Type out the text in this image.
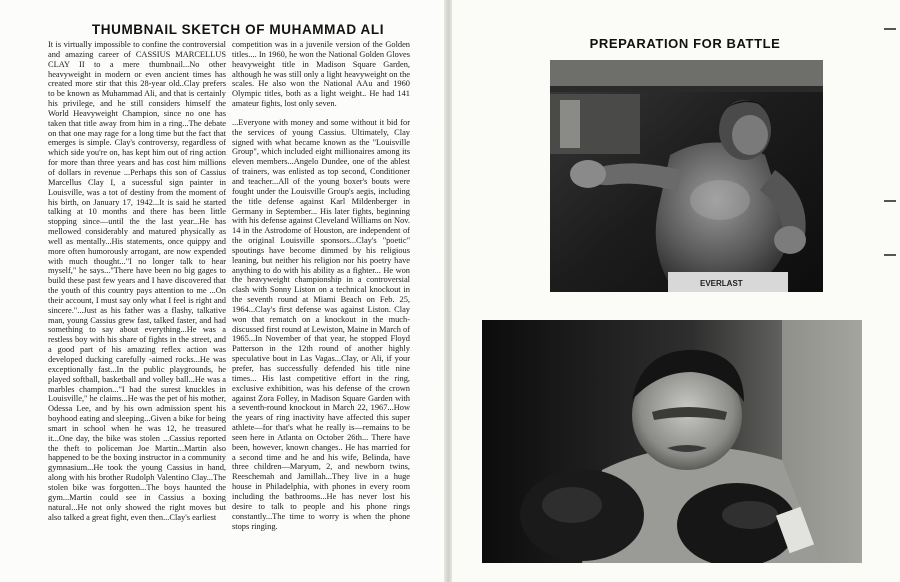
THUMBNAIL SKETCH OF MUHAMMAD ALI

It is virtually impossible to confine the controversial and amazing career of CASSIUS MARCELLUS CLAY II to a mere thumbnail...No other heavyweight in modern or even ancient times has created more stir that this 28-year old..Clay prefers to be known as Muhammad Ali, and that is certainly his privilege, and he still considers himself the World Heavyweight Champion, since no one has taken that title away from him in a ring...The debate on that one may rage for a long time but the fact that emerges is simple. Clay's controversy, regardless of which side you're on, has kept him out of ring action for more than three years and has cost him millions of dollars in revenue ...Perhaps this son of Cassius Marcellus Clay I, a sucessful sign painter in Louisville, was a tot of destiny from the moment of his birth, on January 17, 1942...It is said he started talking at 10 months and there has been little stopping since—until the the last year...He has mellowed considerably and matured physically as well as mentally...His statements, once quippy and more often humorously arrogant, are now expended with much thought..."I no longer talk to hear myself," he says..."There have been no big gages to build these past few years and I have discovered that the youth of this country pays attention to me ...On their account, I must say only what I feel is right and sincere."...Just as his father was a flashy, talkative man, young Cassius grew fast, talked faster, and had something to say about everything...He was a restless boy with his share of fights in the street, and a good part of his amazing reflex action was developed ducking carefully -aimed rocks...He was exceptionally fast...In the public playgrounds, he played softball, basketball and volley ball...He was a marbles champion..."I had the surest knuckles in Louisville," he claims...He was the pet of his mother, Odessa Lee, and by his own admission spent his boyhood eating and sleeping...Given a bike for being smart in school when he was 12, he treasured it...One day, the bike was stolen ...Cassius reported the theft to policeman Joe Martin...Martin also happened to be the boxing instructor in a community gymnasium...He took the young Cassius in hand, along with his brother Rudolph Valentino Clay...The stolen bike was forgotten...The boys haunted the gym...Martin could see in Cassius a boxing natural...He not only showed the right moves but also talked a great fight, even then...Clay's earliest

competition was in a juvenile version of the Golden titles.... In 1960, he won the National Golden Gloves heavyweight title in Madison Square Garden, although he was still only a light heavyweight on the scales. He also won the National AAu and 1960 Olympic titles, both as a light weight.. He had 141 amateur fights, lost only seven.

...Everyone with money and some without it bid for the services of young Cassius. Ultimately, Clay signed with what became known as the "Louisville Group", which included eight millionaires among its eleven members...Angelo Dundee, one of the ablest of trainers, was enlisted as top second, Conditioner and teacher...All of the young boxer's bouts were fought under the Louisville Group's aegis, including the title defense against Karl Mildenberger in Germany in September... His later fights, beginning with his defense against Cleveland Williams on Nov. 14 in the Astrodome of Houston, are independent of the original Louisville sponsors...Clay's "poetic" spoutings have become dimmed by his religious leaning, but neither his religion nor his poetry have anything to do with his ability as a fighter... He won the heavyweight championship in a controversial clash with Sonny Liston on a technical knockout in the seventh round at Miami Beach on Feb. 25, 1964...Clay's first defense was against Liston. Clay won that rematch on a knockout in the much-discussed first round at Lewiston, Maine in March of 1965...In November of that year, he stopped Floyd Patterson in the 12th round of another highly speculative bout in Las Vagas...Clay, or Ali, if your prefer, has successfully defended his title nine times... His last competitive effort in the ring, exclusive exhibition, was his defense of the crown against Zora Folley, in Madison Square Garden with a seventh-round knockout in March 22, 1967...How the years of ring inactivity have affected this super athlete—for that's what he really is—remains to be seen here in Atlanta on October 26th... There have been, however, known changes.. He has married for a second time and he and his wife, Belinda, have three children—Maryum, 2, and newborn twins, Reeschemah and Jamillah...They live in a huge house in Philadelphia, with phones in every room including the bathrooms...He has never lost his desire to talk to people and his phone rings constantly...The time to worry is when the phone stops ringing.

PREPARATION FOR BATTLE
EVERLAST
